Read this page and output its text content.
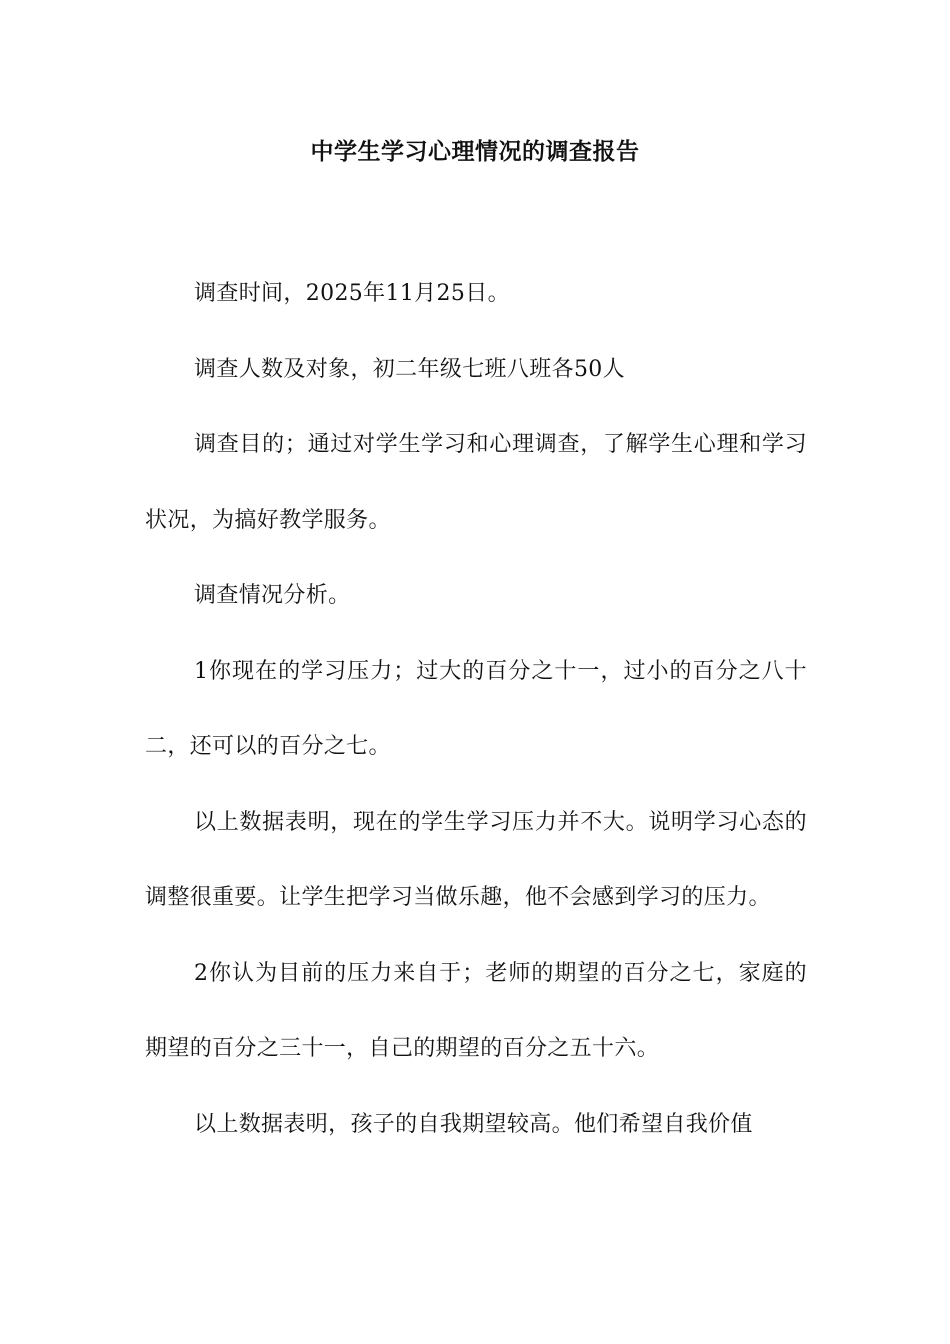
中学生学习心理情况的调查报告

调查时间，2025年11月25日。

调查人数及对象，初二年级七班八班各50人

调查目的；通过对学生学习和心理调查，了解学生心理和学习状况，为搞好教学服务。

调查情况分析。

1你现在的学习压力；过大的百分之十一，过小的百分之八十二，还可以的百分之七。

以上数据表明，现在的学生学习压力并不大。说明学习心态的调整很重要。让学生把学习当做乐趣，他不会感到学习的压力。

2你认为目前的压力来自于；老师的期望的百分之七，家庭的期望的百分之三十一，自己的期望的百分之五十六。

以上数据表明，孩子的自我期望较高。他们希望自我价值
